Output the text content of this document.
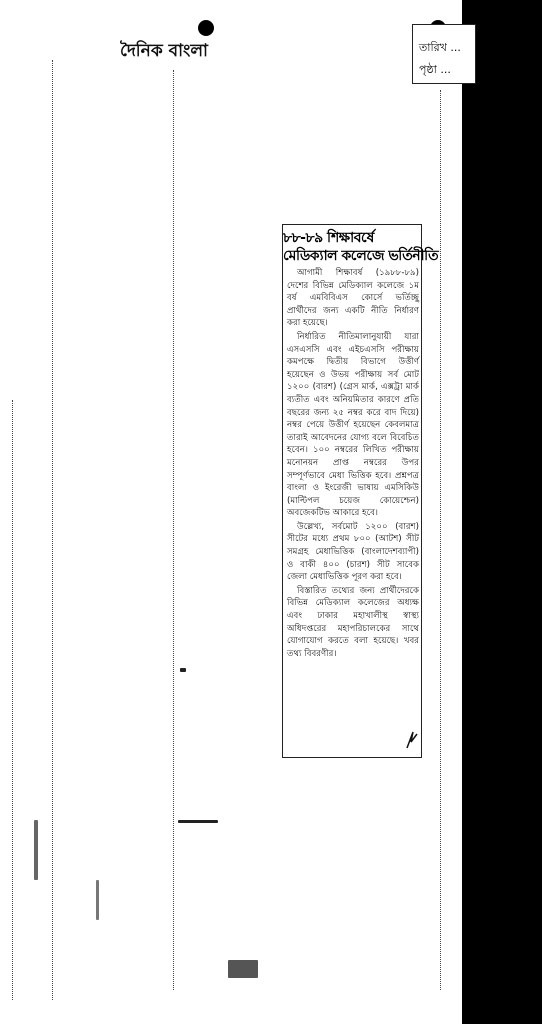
দৈনিক বাংলা	তারিখ ...
পৃষ্ঠা ...
৮৮-৮৯ শিক্ষাবর্ষে
মেডিক্যাল কলেজে ভর্তিনীতি

আগামী শিক্ষাবর্ষ (১৯৮৮-৮৯) দেশের বিভিন্ন মেডিক্যাল কলেজে ১ম বর্ষ এমবিবিএস কোর্সে ভর্তিচ্ছু প্রার্থীদের জন্য একটি নীতি নির্ধারণ করা হয়েছে।

নির্ধারিত নীতিমালানুযায়ী যারা এসএসসি এবং এইচএসসি পরীক্ষায় কমপক্ষে দ্বিতীয় বিভাগে উত্তীর্ণ হয়েছেন ও উভয় পরীক্ষায় সর্ব মোট ১২০০ (বারশ) (গ্রেস মার্ক, এক্সট্রা মার্ক ব্যতীত এবং অনিয়মিতার কারণে প্রতি বছরের জন্য ২৫ নম্বর করে বাদ দিয়ে) নম্বর পেয়ে উত্তীর্ণ হয়েছেন কেবলমাত্র তারাই আবেদনের যোগ্য বলে বিবেচিত হবেন। ১০০ নম্বরের লিখিত পরীক্ষায় মনোনয়ন প্রাপ্ত নম্বরের উপর সম্পূর্ণভাবে মেধা ভিত্তিক হবে। প্রশ্নপত্র বাংলা ও ইংরেজী ভাষায় এমসিকিউ (মাল্টিপল চয়েজ কোয়েশ্চেন) অবজেকটিভ আকারে হবে।

উল্লেখ্য, সর্বমোট ১২০০ (বারশ) সীটের মধ্যে প্রথম ৮০০ (আটশ) সীট সমগ্রহ মেধাভিত্তিক (বাংলাদেশব্যাপী) ও বাকী ৪০০ (চারশ) সীট সাবেক জেলা মেধাভিত্তিক পূরণ করা হবে।

বিস্তারিত তথ্যের জন্য প্রার্থীদেরকে বিভিন্ন মেডিক্যাল কলেজের অধ্যক্ষ এবং ঢাকার মহাখালীস্থ স্বাস্থ্য অধিদপ্তরের মহাপরিচালকের সাথে যোগাযোগ করতে বলা হয়েছে। খবর তথ্য বিবরণীর।
